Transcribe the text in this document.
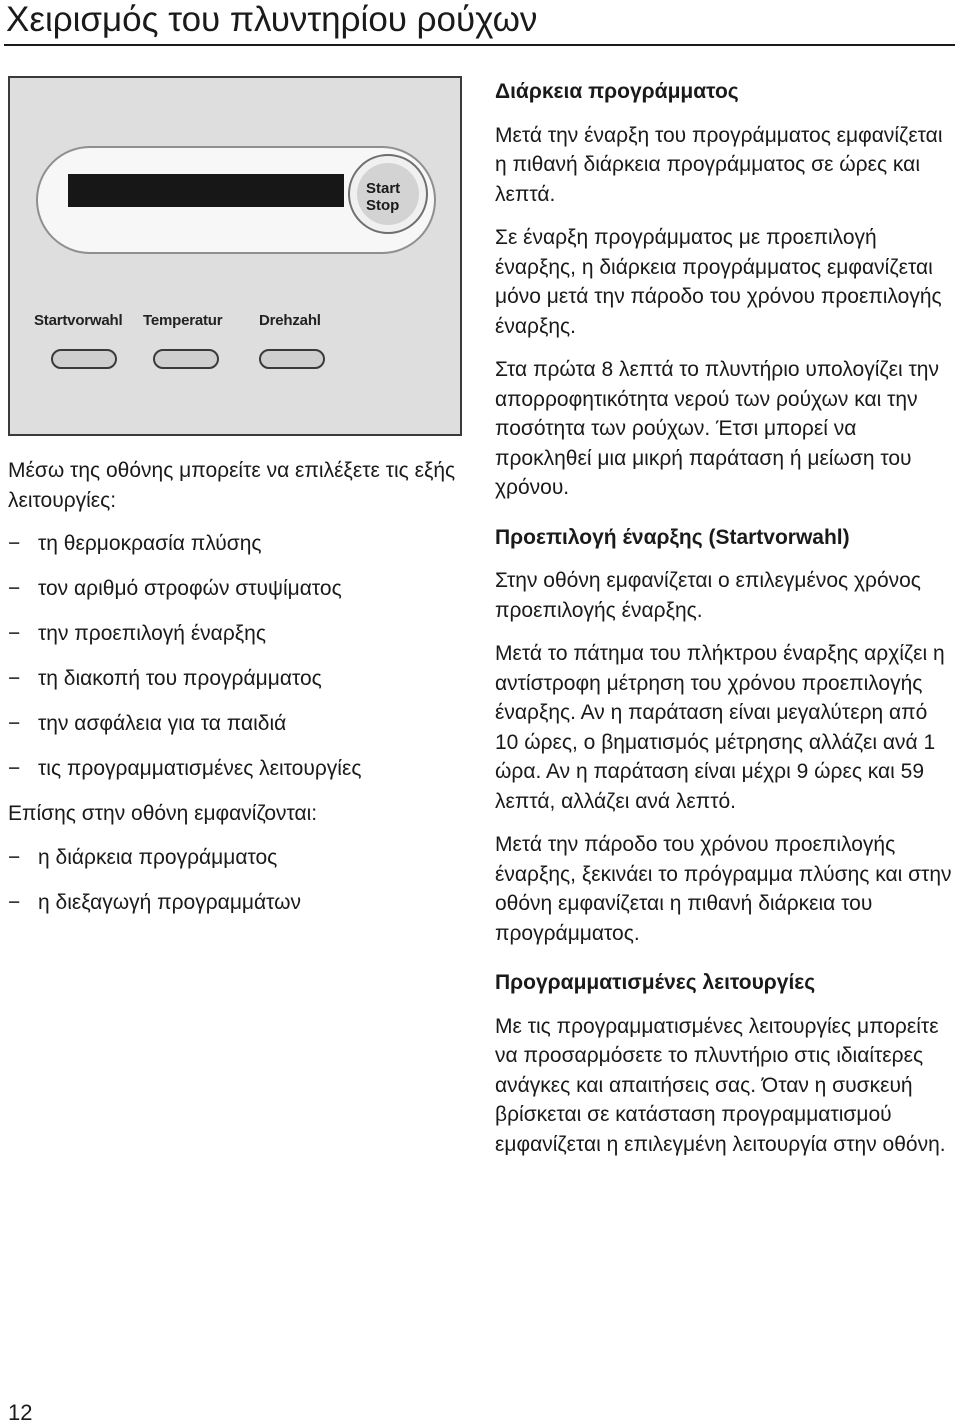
Χειρισμός του πλυντηρίου ρούχων
Start
Stop
Startvorwahl Temperatur Drehzahl

Μέσω της οθόνης μπορείτε να επιλέξετε τις εξής λειτουργίες:

− τη θερμοκρασία πλύσης
− τον αριθμό στροφών στυψίματος
− την προεπιλογή έναρξης
− τη διακοπή του προγράμματος
− την ασφάλεια για τα παιδιά
− τις προγραμματισμένες λειτουργίες

Επίσης στην οθόνη εμφανίζονται:

− η διάρκεια προγράμματος
− η διεξαγωγή προγραμμάτων

Διάρκεια προγράμματος

Μετά την έναρξη του προγράμματος εμφανίζεται η πιθανή διάρκεια προγράμματος σε ώρες και λεπτά.

Σε έναρξη προγράμματος με προεπιλογή έναρξης, η διάρκεια προγράμματος εμφανίζεται μόνο μετά την πάροδο του χρόνου προεπιλογής έναρξης.

Στα πρώτα 8 λεπτά το πλυντήριο υπολογίζει την απορροφητικότητα νερού των ρούχων και την ποσότητα των ρούχων. Έτσι μπορεί να προκληθεί μια μικρή παράταση ή μείωση του χρόνου.

Προεπιλογή έναρξης (Startvorwahl)

Στην οθόνη εμφανίζεται ο επιλεγμένος χρόνος προεπιλογής έναρξης.

Μετά το πάτημα του πλήκτρου έναρξης αρχίζει η αντίστροφη μέτρηση του χρόνου προεπιλογής έναρξης. Αν η παράταση είναι μεγαλύτερη από 10 ώρες, ο βηματισμός μέτρησης αλλάζει ανά 1 ώρα. Αν η παράταση είναι μέχρι 9 ώρες και 59 λεπτά, αλλάζει ανά λεπτό.

Μετά την πάροδο του χρόνου προεπιλογής έναρξης, ξεκινάει το πρόγραμμα πλύσης και στην οθόνη εμφανίζεται η πιθανή διάρκεια του προγράμματος.

Προγραμματισμένες λειτουργίες

Με τις προγραμματισμένες λειτουργίες μπορείτε να προσαρμόσετε το πλυντήριο στις ιδιαίτερες ανάγκες και απαιτήσεις σας. Όταν η συσκευή βρίσκεται σε κατάσταση προγραμματισμού εμφανίζεται η επιλεγμένη λειτουργία στην οθόνη.

12
